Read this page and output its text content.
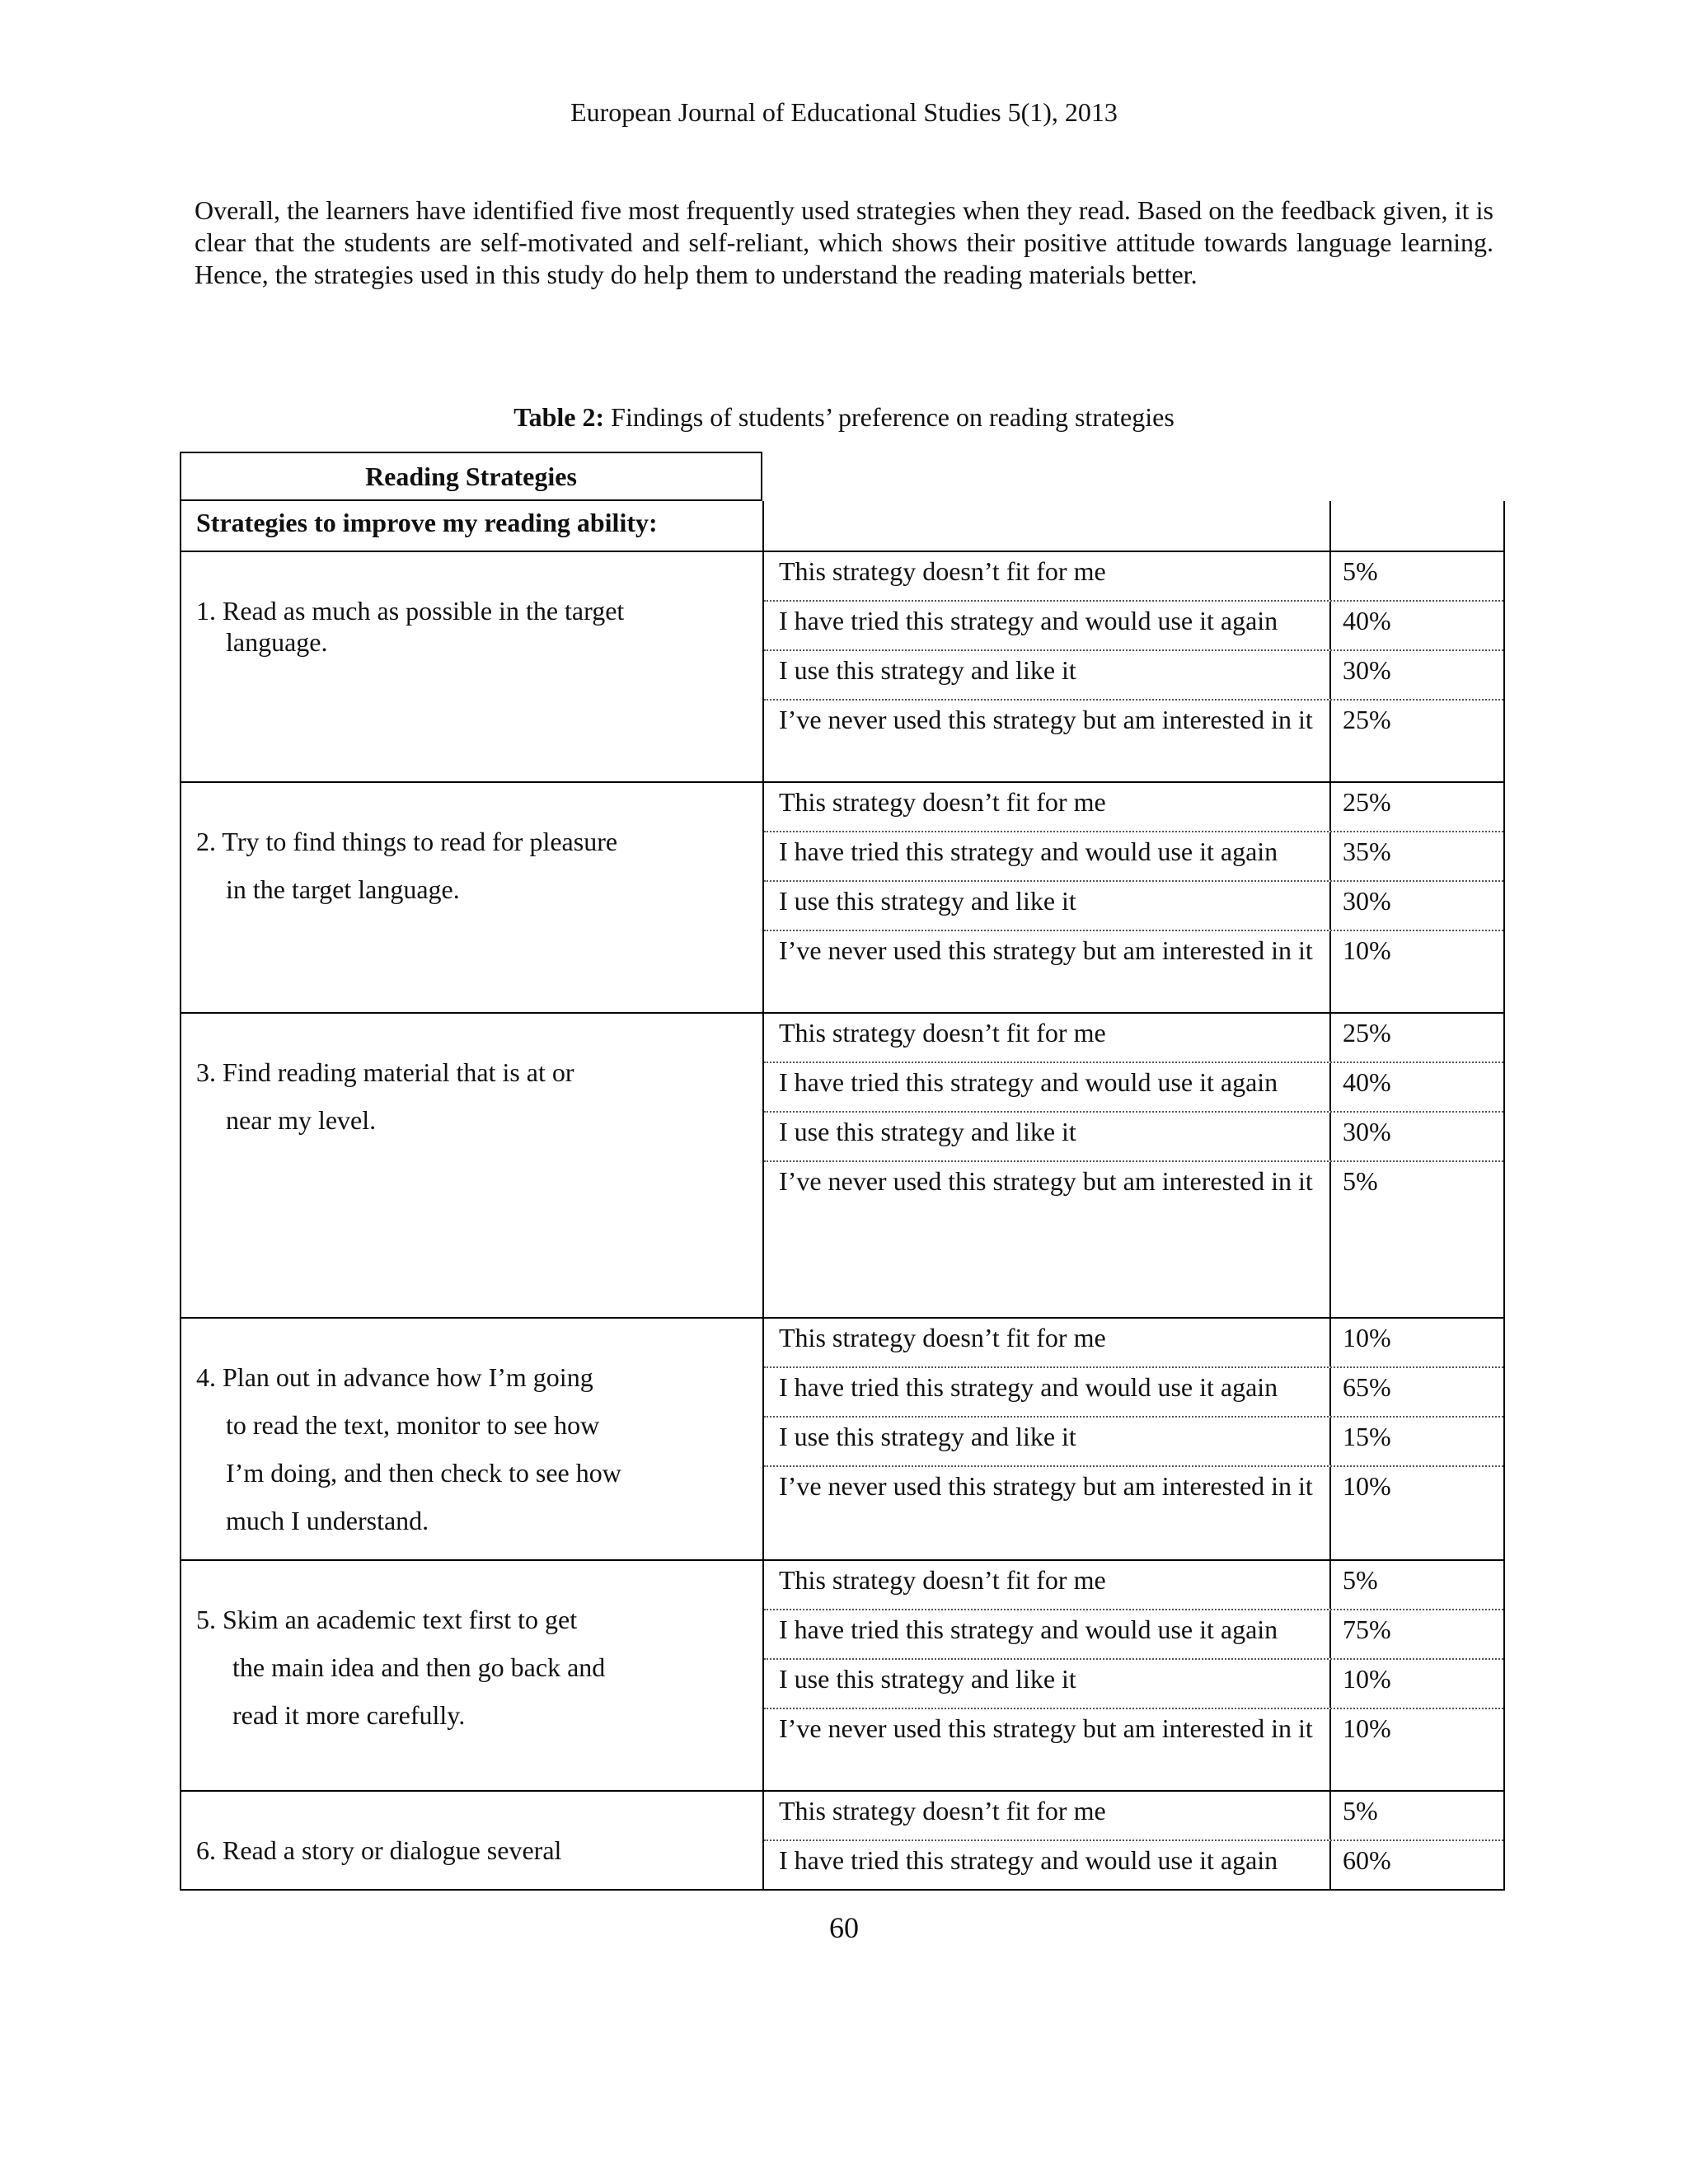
European Journal of Educational Studies 5(1), 2013

Overall, the learners have identified five most frequently used strategies when they read. Based on the feedback given, it is clear that the students are self-motivated and self-reliant, which shows their positive attitude towards language learning. Hence, the strategies used in this study do help them to understand the reading materials better.

Table 2: Findings of students’ preference on reading strategies
Reading Strategies
Strategies to improve my reading ability:
1. Read as much as possible in the target
language.
This strategy doesn’t fit for me	5%
I have tried this strategy and would use it again	40%
I use this strategy and like it	30%
I’ve never used this strategy but am interested in it	25%
2. Try to find things to read for pleasure
in the target language.
This strategy doesn’t fit for me	25%
I have tried this strategy and would use it again	35%
I use this strategy and like it	30%
I’ve never used this strategy but am interested in it	10%
3. Find reading material that is at or
near my level.
This strategy doesn’t fit for me	25%
I have tried this strategy and would use it again	40%
I use this strategy and like it	30%
I’ve never used this strategy but am interested in it	5%
4. Plan out in advance how I’m going
to read the text, monitor to see how
I’m doing, and then check to see how
much I understand.
This strategy doesn’t fit for me	10%
I have tried this strategy and would use it again	65%
I use this strategy and like it	15%
I’ve never used this strategy but am interested in it	10%
5. Skim an academic text first to get
the main idea and then go back and
read it more carefully.
This strategy doesn’t fit for me	5%
I have tried this strategy and would use it again	75%
I use this strategy and like it	10%
I’ve never used this strategy but am interested in it	10%
6. Read a story or dialogue several
This strategy doesn’t fit for me	5%
I have tried this strategy and would use it again	60%
60
